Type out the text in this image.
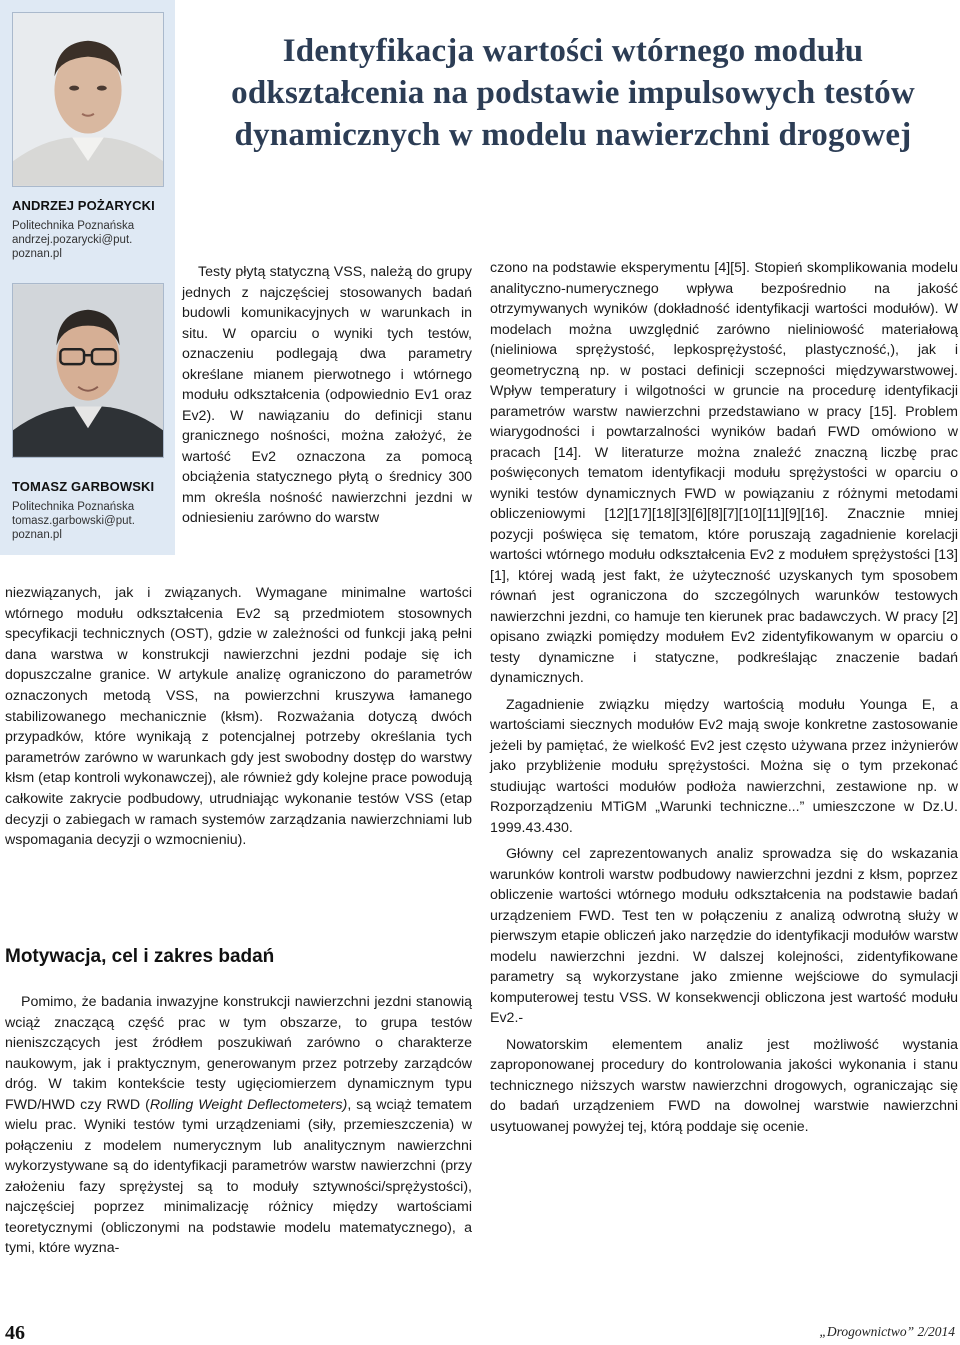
ANDRZEJ POŻARYCKI
Politechnika Poznańska
andrzej.pozarycki@put.
poznan.pl
TOMASZ GARBOWSKI
Politechnika Poznańska
tomasz.garbowski@put.
poznan.pl
Identyfikacja wartości wtórnego modułu odkształcenia na podstawie impulsowych testów dynamicznych w modelu nawierzchni drogowej

Testy płytą statyczną VSS, należą do grupy jednych z najczęściej stosowanych badań budowli komunikacyjnych w warunkach in situ. W oparciu o wyniki tych testów, oznaczeniu podlegają dwa parametry określane mianem pierwotnego i wtórnego modułu odkształcenia (odpowiednio Ev1 oraz Ev2). W nawiązaniu do definicji stanu granicznego nośności, można założyć, że wartość Ev2 oznaczona za pomocą obciążenia statycznego płytą o średnicy 300 mm określa nośność nawierzchni jezdni w odniesieniu zarówno do warstw

niezwiązanych, jak i związanych. Wymagane minimalne wartości wtórnego modułu odkształcenia Ev2 są przedmiotem stosownych specyfikacji technicznych (OST), gdzie w zależności od funkcji jaką pełni dana warstwa w konstrukcji nawierzchni jezdni podaje się ich dopuszczalne granice. W artykule analizę ograniczono do parametrów oznaczonych metodą VSS, na powierzchni kruszywa łamanego stabilizowanego mechanicznie (kłsm). Rozważania dotyczą dwóch przypadków, które wynikają z potencjalnej potrzeby określania tych parametrów zarówno w warunkach gdy jest swobodny dostęp do warstwy kłsm (etap kontroli wykonawczej), ale również gdy kolejne prace powodują całkowite zakrycie podbudowy, utrudniając wykonanie testów VSS (etap decyzji o zabiegach w ramach systemów zarządzania nawierzchniami lub wspomagania decyzji o wzmocnieniu).

Motywacja, cel i zakres badań

Pomimo, że badania inwazyjne konstrukcji nawierzchni jezdni stanowią wciąż znaczącą część prac w tym obszarze, to grupa testów nieniszczących jest źródłem poszukiwań zarówno o charakterze naukowym, jak i praktycznym, generowanym przez potrzeby zarządców dróg. W takim kontekście testy ugięciomierzem dynamicznym typu FWD/HWD czy RWD (Rolling Weight Deflectometers), są wciąż tematem wielu prac. Wyniki testów tymi urządzeniami (siły, przemieszczenia) w połączeniu z modelem numerycznym lub analitycznym nawierzchni wykorzystywane są do identyfikacji parametrów warstw nawierzchni (przy założeniu fazy sprężystej są to moduły sztywności/sprężystości), najczęściej poprzez minimalizację różnicy między wartościami teoretycznymi (obliczonymi na podstawie modelu matematycznego), a tymi, które wyzna-

czono na podstawie eksperymentu [4][5]. Stopień skomplikowania modelu analityczno-numerycznego wpływa bezpośrednio na jakość otrzymywanych wyników (dokładność identyfikacji wartości modułów). W modelach można uwzględnić zarówno nieliniowość materiałową (nieliniowa sprężystość, lepkosprężystość, plastyczność,), jak i geometryczną np. w postaci definicji sczepności międzywarstwowej. Wpływ temperatury i wilgotności w gruncie na procedurę identyfikacji parametrów warstw nawierzchni przedstawiano w pracy [15]. Problem wiarygodności i powtarzalności wyników badań FWD omówiono w pracach [14]. W literaturze można znaleźć znaczną liczbę prac poświęconych tematom identyfikacji modułu sprężystości w oparciu o wyniki testów dynamicznych FWD w powiązaniu z różnymi metodami obliczeniowymi [12][17][18][3][6][8][7][10][11][9][16]. Znacznie mniej pozycji poświęca się tematom, które poruszają zagadnienie korelacji wartości wtórnego modułu odkształcenia Ev2 z modułem sprężystości [13][1], której wadą jest fakt, że użyteczność uzyskanych tym sposobem równań jest ograniczona do szczególnych warunków testowych nawierzchni jezdni, co hamuje ten kierunek prac badawczych. W pracy [2] opisano związki pomiędzy modułem Ev2 zidentyfikowanym w oparciu o testy dynamiczne i statyczne, podkreślając znaczenie badań dynamicznych.

Zagadnienie związku między wartością modułu Younga E, a wartościami siecznych modułów Ev2 mają swoje konkretne zastosowanie jeżeli by pamiętać, że wielkość Ev2 jest często używana przez inżynierów jako przybliżenie modułu sprężystości. Można się o tym przekonać studiując wartości modułów podłoża nawierzchni, zestawione np. w Rozporządzeniu MTiGM „Warunki techniczne...” umieszczone w Dz.U. 1999.43.430.

Główny cel zaprezentowanych analiz sprowadza się do wskazania warunków kontroli warstw podbudowy nawierzchni jezdni z kłsm, poprzez obliczenie wartości wtórnego modułu odkształcenia na podstawie badań urządzeniem FWD. Test ten w połączeniu z analizą odwrotną służy w pierwszym etapie obliczeń jako narzędzie do identyfikacji modułów warstw modelu nawierzchni jezdni. W dalszej kolejności, zidentyfikowane parametry są wykorzystane jako zmienne wejściowe do symulacji komputerowej testu VSS. W konsekwencji obliczona jest wartość modułu Ev2.-

Nowatorskim elementem analiz jest możliwość wystania zaproponowanej procedury do kontrolowania jakości wykonania i stanu technicznego niższych warstw nawierzchni drogowych, ograniczając się do badań urządzeniem FWD na dowolnej warstwie nawierzchni usytuowanej powyżej tej, którą poddaje się ocenie.

46	„Drogownictwo” 2/2014
